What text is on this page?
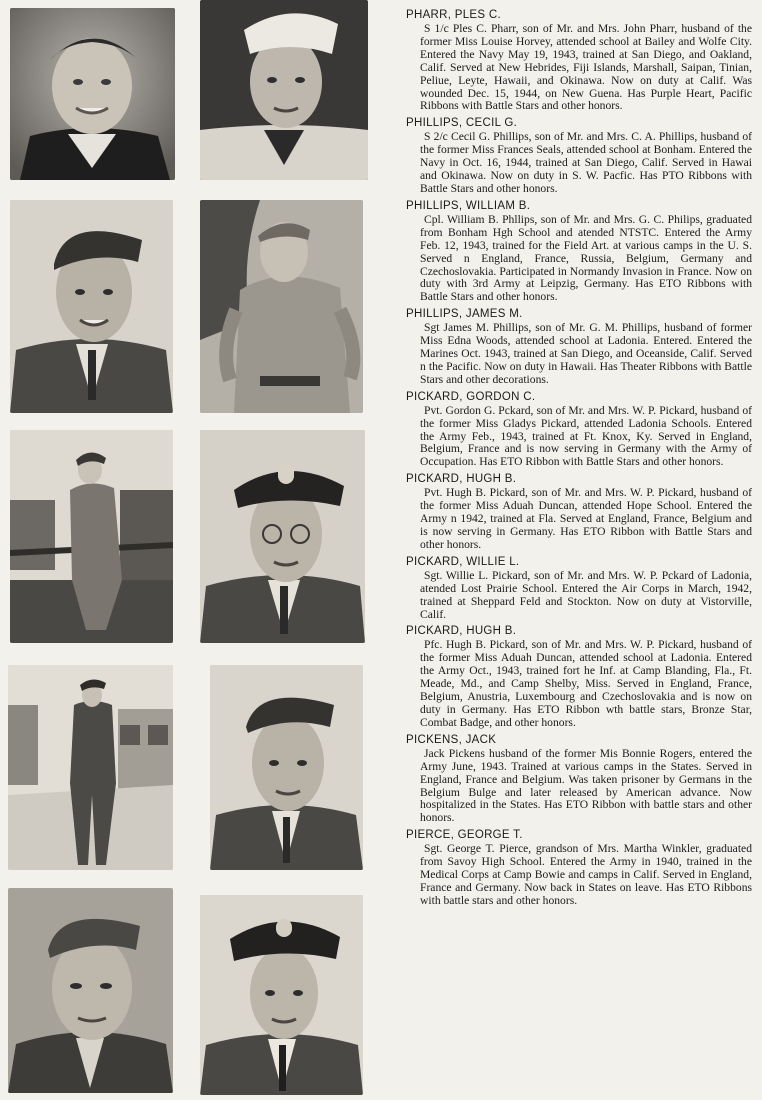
PHARR, PLES C.
S 1/c Ples C. Pharr, son of Mr. and Mrs. John Pharr, husband of the former Miss Louise Horvey, attended school at Bailey and Wolfe City. Entered the Navy May 19, 1943, trained at San Diego, and Oakland, Calif. Served at New Hebrides, Fiji Islands, Marshall, Saipan, Tinian, Peliue, Leyte, Hawaii, and Okinawa. Now on duty at Calif. Was wounded Dec. 15, 1944, on New Guena. Has Purple Heart, Pacific Ribbons with Battle Stars and other honors.
PHILLIPS, CECIL G.
S 2/c Cecil G. Phillips, son of Mr. and Mrs. C. A. Phillips, husband of the former Miss Frances Seals, attended school at Bonham. Entered the Navy in Oct. 16, 1944, trained at San Diego, Calif. Served in Hawai and Okinawa. Now on duty in S. W. Pacfic. Has PTO Ribbons with Battle Stars and other honors.
PHILLIPS, WILLIAM B.
Cpl. William B. Phllips, son of Mr. and Mrs. G. C. Philips, graduated from Bonham Hgh School and atended NTSTC. Entered the Army Feb. 12, 1943, trained for the Field Art. at various camps in the U. S. Served n England, France, Russia, Belgium, Germany and Czechoslovakia. Participated in Normandy Invasion in France. Now on duty with 3rd Army at Leipzig, Germany. Has ETO Ribbons with Battle Stars and other honors.
PHILLIPS, JAMES M.
Sgt James M. Phillips, son of Mr. G. M. Phillips, husband of former Miss Edna Woods, attended school at Ladonia. Entered. Entered the Marines Oct. 1943, trained at San Diego, and Oceanside, Calif. Served n the Pacific. Now on duty in Hawaii. Has Theater Ribbons with Battle Stars and other decorations.
PICKARD, GORDON C.
Pvt. Gordon G. Pckard, son of Mr. and Mrs. W. P. Pickard, husband of the former Miss Gladys Pickard, attended Ladonia Schools. Entered the Army Feb., 1943, trained at Ft. Knox, Ky. Served in England, Belgium, France and is now serving in Germany with the Army of Occupation. Has ETO Ribbon with Battle Stars and other honors.
PICKARD, HUGH B.
Pvt. Hugh B. Pickard, son of Mr. and Mrs. W. P. Pickard, husband of the former Miss Aduah Duncan, attended Hope School. Entered the Army n 1942, trained at Fla. Served at England, France, Belgium and is now serving in Germany. Has ETO Ribbon with Battle Stars and other honors.
PICKARD, WILLIE L.
Sgt. Willie L. Pickard, son of Mr. and Mrs. W. P. Pckard of Ladonia, atended Lost Prairie School. Entered the Air Corps in March, 1942, trained at Sheppard Feld and Stockton. Now on duty at Vistorville, Calif.
PICKARD, HUGH B.
Pfc. Hugh B. Pickard, son of Mr. and Mrs. W. P. Pickard, husband of the former Miss Aduah Duncan, attended school at Ladonia. Entered the Army Oct., 1943, trained fort he Inf. at Camp Blanding, Fla., Ft. Meade, Md., and Camp Shelby, Miss. Served in England, France, Belgium, Anustria, Luxembourg and Czechoslovakia and is now on duty in Germany. Has ETO Ribbon wth battle stars, Bronze Star, Combat Badge, and other honors.
PICKENS, JACK
Jack Pickens husband of the former Mis Bonnie Rogers, entered the Army June, 1943. Trained at various camps in the States. Served in England, France and Belgium. Was taken prisoner by Germans in the Belgium Bulge and later released by American advance. Now hospitalized in the States. Has ETO Ribbon with battle stars and other honors.
PIERCE, GEORGE T.
Sgt. George T. Pierce, grandson of Mrs. Martha Winkler, graduated from Savoy High School. Entered the Army in 1940, trained in the Medical Corps at Camp Bowie and camps in Calif. Served in England, France and Germany. Now back in States on leave. Has ETO Ribbons with battle stars and other honors.
